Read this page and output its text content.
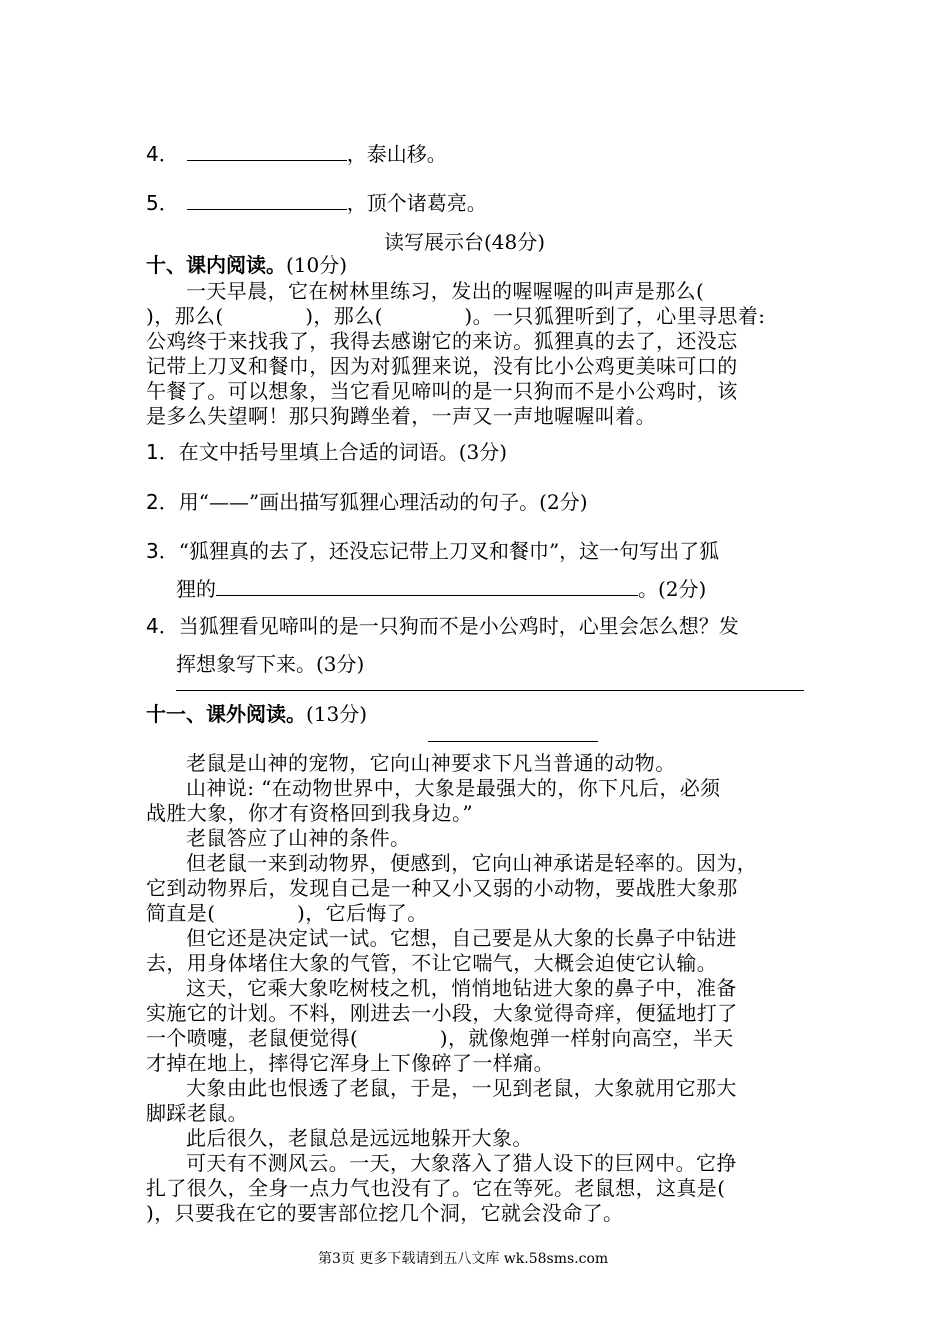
4．	，泰山移。
5．	，顶个诸葛亮。
读写展示台(48分)
十、课内阅读。(10分)
一天早晨，它在树林里练习，发出的喔喔喔的叫声是那么(
)，那么(　　　　)，那么(　　　　)。一只狐狸听到了，心里寻思着:
公鸡终于来找我了，我得去感谢它的来访。狐狸真的去了，还没忘
记带上刀叉和餐巾，因为对狐狸来说，没有比小公鸡更美味可口的
午餐了。可以想象，当它看见啼叫的是一只狗而不是小公鸡时，该
是多么失望啊！那只狗蹲坐着，一声又一声地喔喔叫着。
1．在文中括号里填上合适的词语。(3分)
2．用“——”画出描写狐狸心理活动的句子。(2分)
3．“狐狸真的去了，还没忘记带上刀叉和餐巾”，这一句写出了狐
狸的	。(2分)
4．当狐狸看见啼叫的是一只狗而不是小公鸡时，心里会怎么想？发
挥想象写下来。(3分)
十一、课外阅读。(13分)
老鼠是山神的宠物，它向山神要求下凡当普通的动物。
山神说: “在动物世界中，大象是最强大的，你下凡后，必须
战胜大象，你才有资格回到我身边。”
老鼠答应了山神的条件。
但老鼠一来到动物界，便感到，它向山神承诺是轻率的。因为，
它到动物界后，发现自己是一种又小又弱的小动物，要战胜大象那
简直是(　　　　)，它后悔了。
但它还是决定试一试。它想，自己要是从大象的长鼻子中钻进
去，用身体堵住大象的气管，不让它喘气，大概会迫使它认输。
这天，它乘大象吃树枝之机，悄悄地钻进大象的鼻子中，准备
实施它的计划。不料，刚进去一小段，大象觉得奇痒，便猛地打了
一个喷嚏，老鼠便觉得(　　　　)，就像炮弹一样射向高空，半天
才掉在地上，摔得它浑身上下像碎了一样痛。
大象由此也恨透了老鼠，于是，一见到老鼠，大象就用它那大
脚踩老鼠。
此后很久，老鼠总是远远地躲开大象。
可天有不测风云。一天，大象落入了猎人设下的巨网中。它挣
扎了很久，全身一点力气也没有了。它在等死。老鼠想，这真是(
)，只要我在它的要害部位挖几个洞，它就会没命了。
第3页 更多下载请到五八文库 wk.58sms.com
